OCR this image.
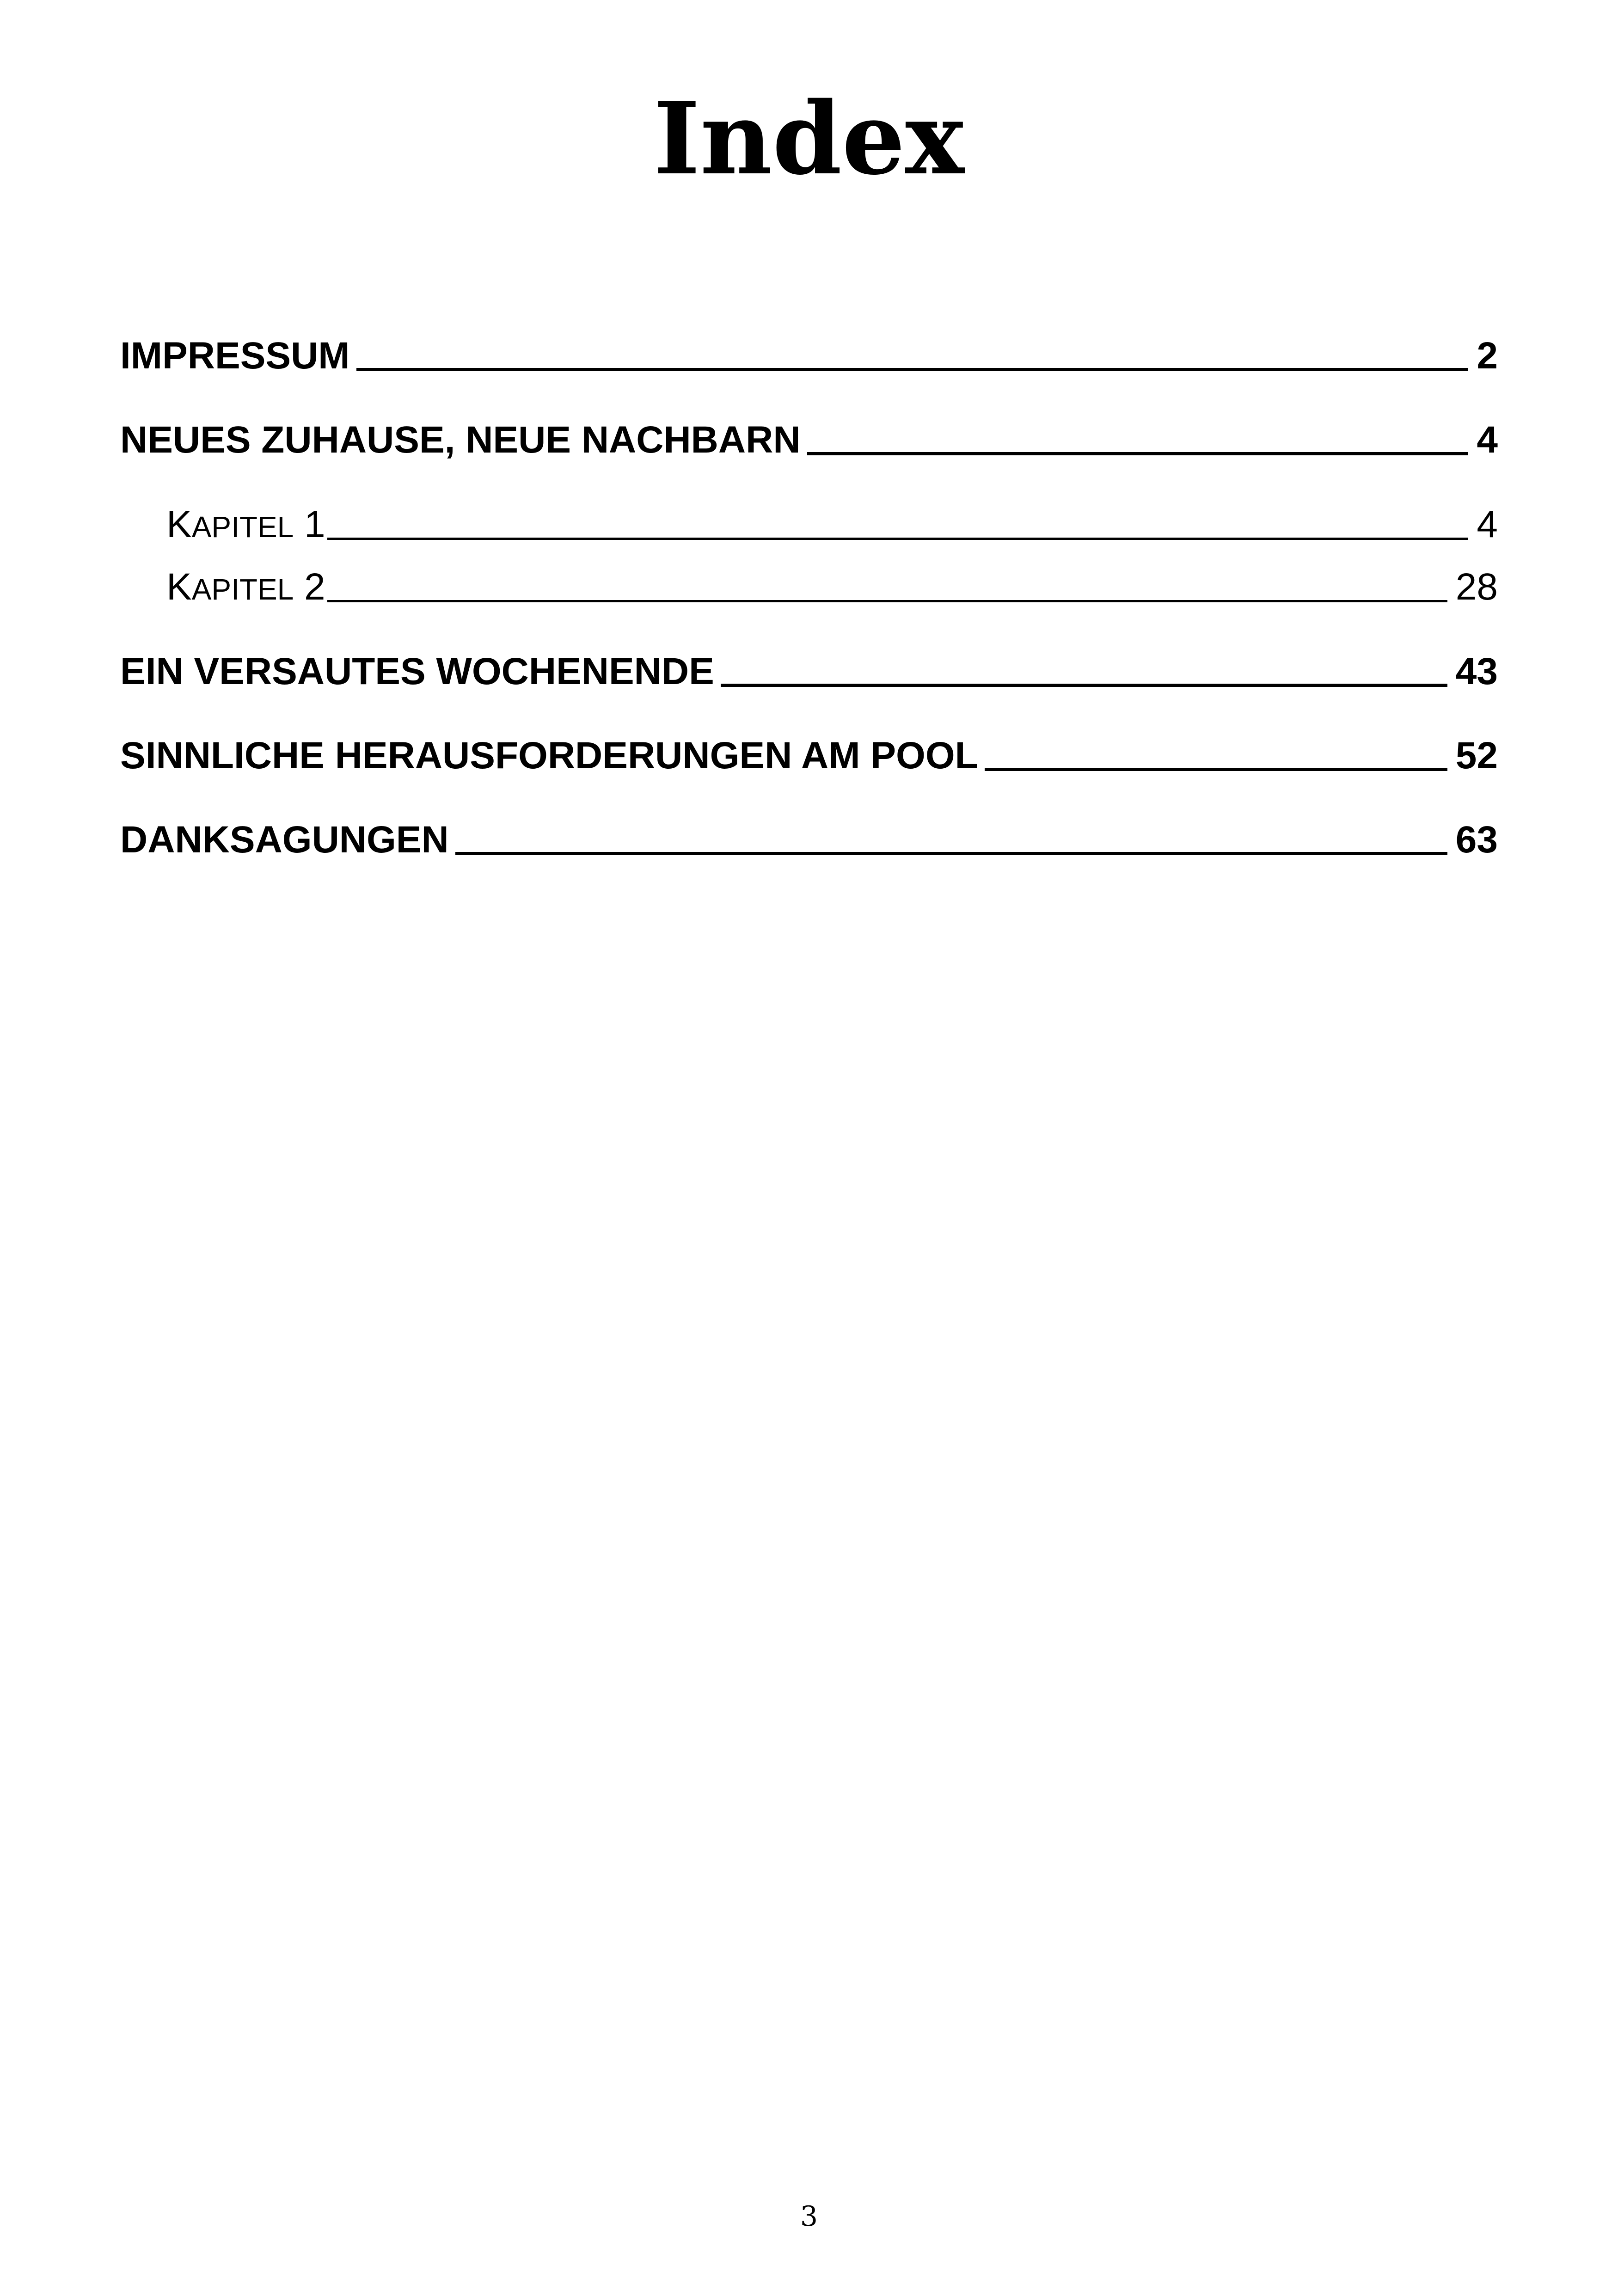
Index
IMPRESSUM	2
NEUES ZUHAUSE, NEUE NACHBARN	4
KAPITEL 1	4
KAPITEL 2	28
EIN VERSAUTES WOCHENENDE	43
SINNLICHE HERAUSFORDERUNGEN AM POOL	52
DANKSAGUNGEN	63
3
